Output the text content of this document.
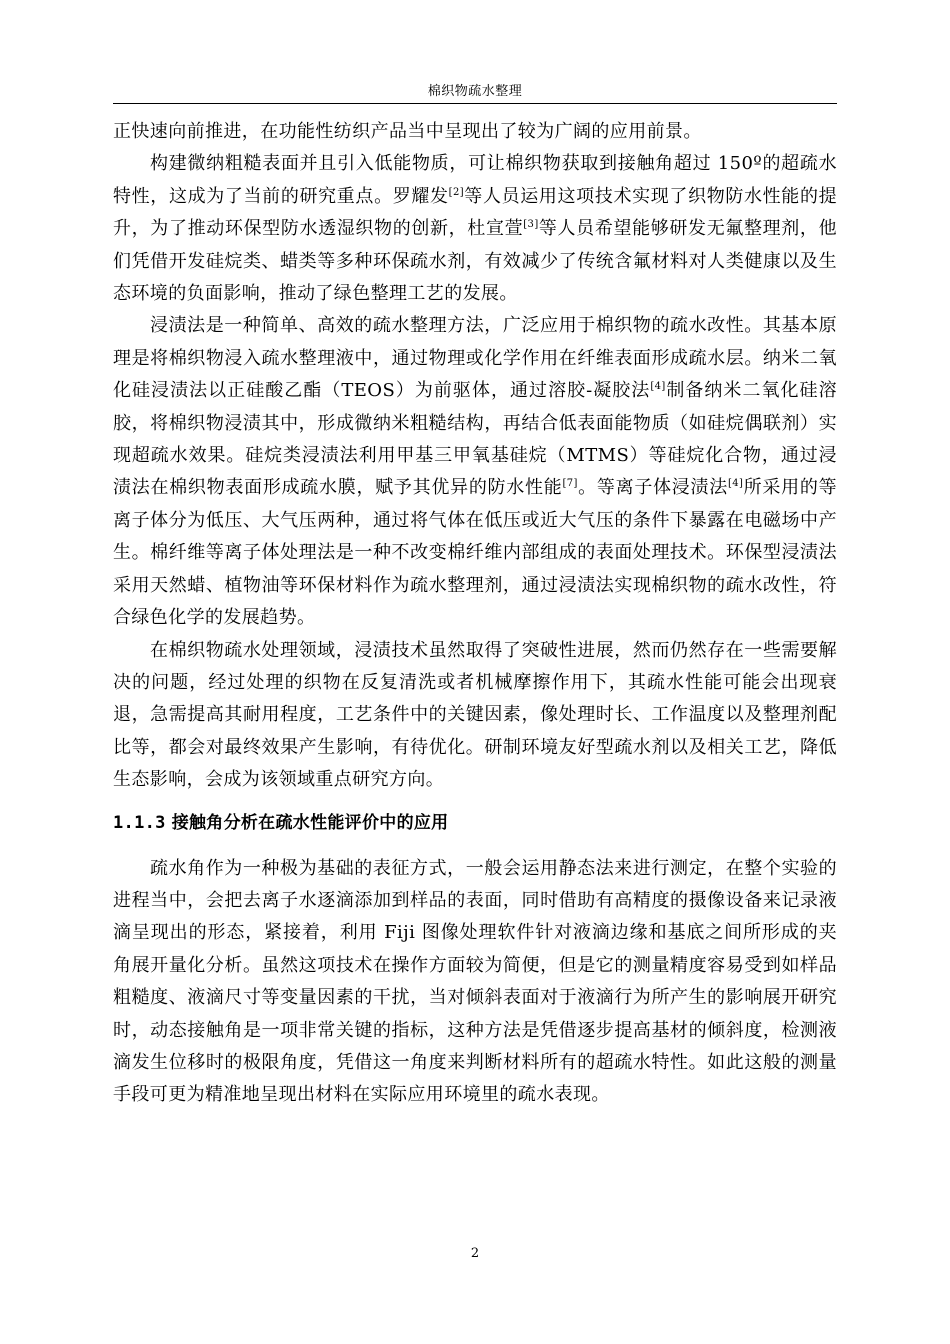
棉织物疏水整理

正快速向前推进，在功能性纺织产品当中呈现出了较为广阔的应用前景。

构建微纳粗糙表面并且引入低能物质，可让棉织物获取到接触角超过 150º的超疏水特性，这成为了当前的研究重点。罗耀发[2]等人员运用这项技术实现了织物防水性能的提升，为了推动环保型防水透湿织物的创新，杜宣萱[3]等人员希望能够研发无氟整理剂，他们凭借开发硅烷类、蜡类等多种环保疏水剂，有效减少了传统含氟材料对人类健康以及生态环境的负面影响，推动了绿色整理工艺的发展。

浸渍法是一种简单、高效的疏水整理方法，广泛应用于棉织物的疏水改性。其基本原理是将棉织物浸入疏水整理液中，通过物理或化学作用在纤维表面形成疏水层。纳米二氧化硅浸渍法以正硅酸乙酯（TEOS）为前驱体，通过溶胶-凝胶法[4]制备纳米二氧化硅溶胶，将棉织物浸渍其中，形成微纳米粗糙结构，再结合低表面能物质（如硅烷偶联剂）实现超疏水效果。硅烷类浸渍法利用甲基三甲氧基硅烷（MTMS）等硅烷化合物，通过浸渍法在棉织物表面形成疏水膜，赋予其优异的防水性能[7]。等离子体浸渍法[4]所采用的等离子体分为低压、大气压两种，通过将气体在低压或近大气压的条件下暴露在电磁场中产生。棉纤维等离子体处理法是一种不改变棉纤维内部组成的表面处理技术。环保型浸渍法采用天然蜡、植物油等环保材料作为疏水整理剂，通过浸渍法实现棉织物的疏水改性，符合绿色化学的发展趋势。

在棉织物疏水处理领域，浸渍技术虽然取得了突破性进展，然而仍然存在一些需要解决的问题，经过处理的织物在反复清洗或者机械摩擦作用下，其疏水性能可能会出现衰退，急需提高其耐用程度，工艺条件中的关键因素，像处理时长、工作温度以及整理剂配比等，都会对最终效果产生影响，有待优化。研制环境友好型疏水剂以及相关工艺，降低生态影响，会成为该领域重点研究方向。

1.1.3 接触角分析在疏水性能评价中的应用

疏水角作为一种极为基础的表征方式，一般会运用静态法来进行测定，在整个实验的进程当中，会把去离子水逐滴添加到样品的表面，同时借助有高精度的摄像设备来记录液滴呈现出的形态，紧接着，利用 Fiji 图像处理软件针对液滴边缘和基底之间所形成的夹角展开量化分析。虽然这项技术在操作方面较为简便，但是它的测量精度容易受到如样品粗糙度、液滴尺寸等变量因素的干扰，当对倾斜表面对于液滴行为所产生的影响展开研究时，动态接触角是一项非常关键的指标，这种方法是凭借逐步提高基材的倾斜度，检测液滴发生位移时的极限角度，凭借这一角度来判断材料所有的超疏水特性。如此这般的测量手段可更为精准地呈现出材料在实际应用环境里的疏水表现。

2
